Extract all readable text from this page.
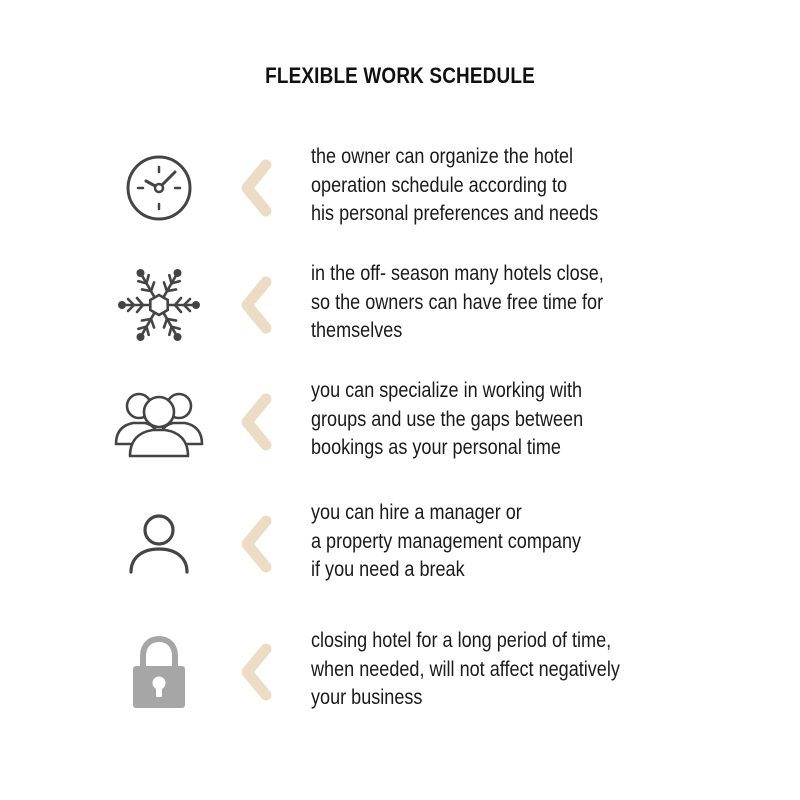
FLEXIBLE WORK SCHEDULE
the owner can organize the hotel
operation schedule according to
his personal preferences and needs
in the off- season many hotels close,
so the owners can have free time for
themselves
you can specialize in working with
groups and use the gaps between
bookings as your personal time
you can hire a manager or
a property management company
if you need a break
closing hotel for a long period of time,
when needed, will not affect negatively
your business
